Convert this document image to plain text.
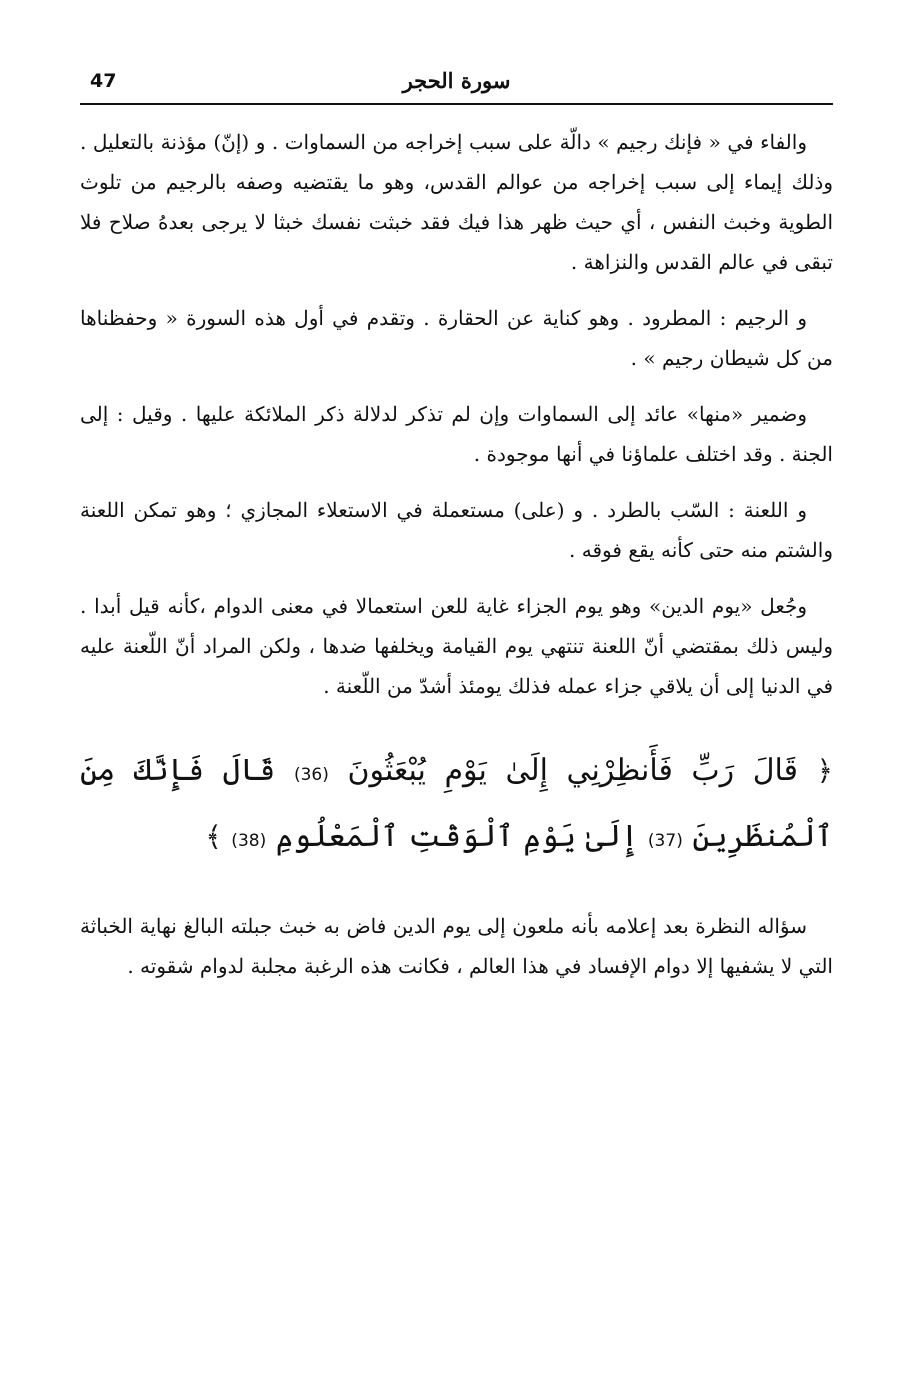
47	سورة الحجر

والفاء في « فإنك رجيم » دالّة على سبب إخراجه من السماوات . و (إنّ) مؤذنة بالتعليل . وذلك إيماء إلى سبب إخراجه من عوالم القدس، وهو ما يقتضيه وصفه بالرجيم من تلوث الطوية وخبث النفس ، أي حيث ظهر هذا فيك فقد خبثت نفسك خبثا لا يرجى بعدهُ صلاح فلا تبقى في عالم القدس والنزاهة .

و الرجيم : المطرود . وهو كناية عن الحقارة . وتقدم في أول هذه السورة « وحفظناها من كل شيطان رجيم » .

وضمير «منها» عائد إلى السماوات وإن لم تذكر لدلالة ذكر الملائكة عليها . وقيل : إلى الجنة . وقد اختلف علماؤنا في أنها موجودة .

و اللعنة : السّب بالطرد . و (على) مستعملة في الاستعلاء المجازي ؛ وهو تمكن اللعنة والشتم منه حتى كأنه يقع فوقه .

وجُعل «يوم الدين» وهو يوم الجزاء غاية للعن استعمالا في معنى الدوام ،كأنه قيل أبدا . وليس ذلك بمقتضي أنّ اللعنة تنتهي يوم القيامة ويخلفها ضدها ، ولكن المراد أنّ اللّعنة عليه في الدنيا إلى أن يلاقي جزاء عمله فذلك يومئذ أشدّ من اللّعنة .

﴿ قَالَ رَبِّ فَأَنظِرْنِي إِلَىٰ يَوْمِ يُبْعَثُونَ (36) قَالَ فَإِنَّكَ مِنَ ٱلْمُنظَرِينَ (37) إِلَىٰ يَوْمِ ٱلْوَقْتِ ٱلْمَعْلُومِ (38) ﴾

سؤاله النظرة بعد إعلامه بأنه ملعون إلى يوم الدين فاض به خبث جبلته البالغ نهاية الخباثة التي لا يشفيها إلا دوام الإفساد في هذا العالم ، فكانت هذه الرغبة مجلبة لدوام شقوته .
